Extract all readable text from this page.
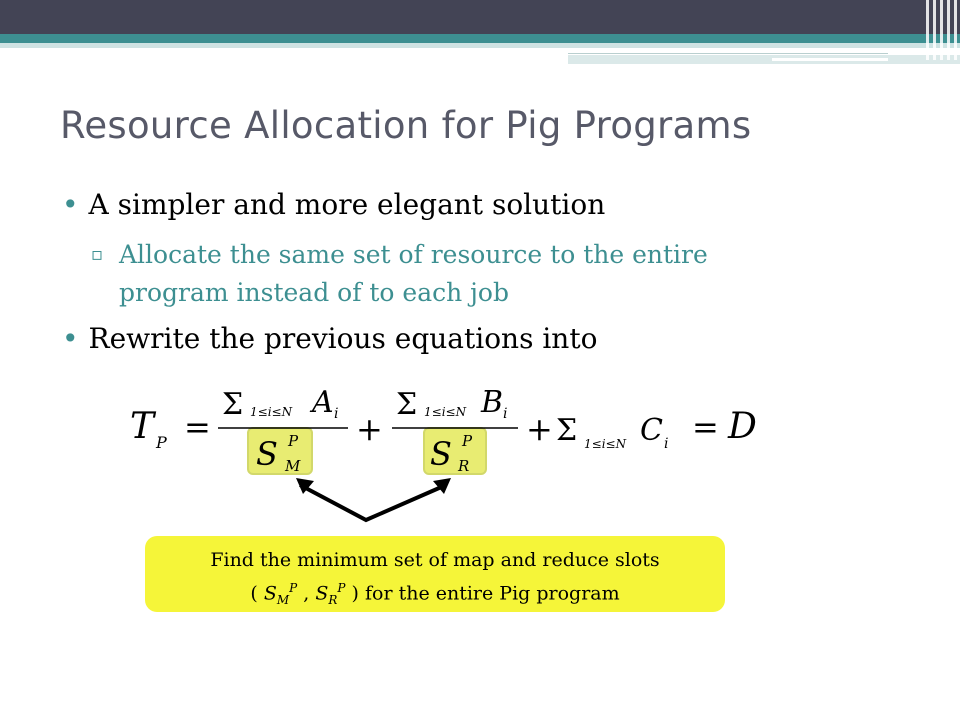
Resource Allocation for Pig Programs
• A simpler and more elegant solution
▫ Allocate the same set of resource to the entire
program instead of to each job
• Rewrite the previous equations into
T P =
Σ 1≤i≤N A i
S P
M
+
Σ 1≤i≤N B i
S P
R
+ Σ 1≤i≤N C i = D
Find the minimum set of map and reduce slots
( $S_M^P$ , $S_R^P$ ) for the entire Pig program
